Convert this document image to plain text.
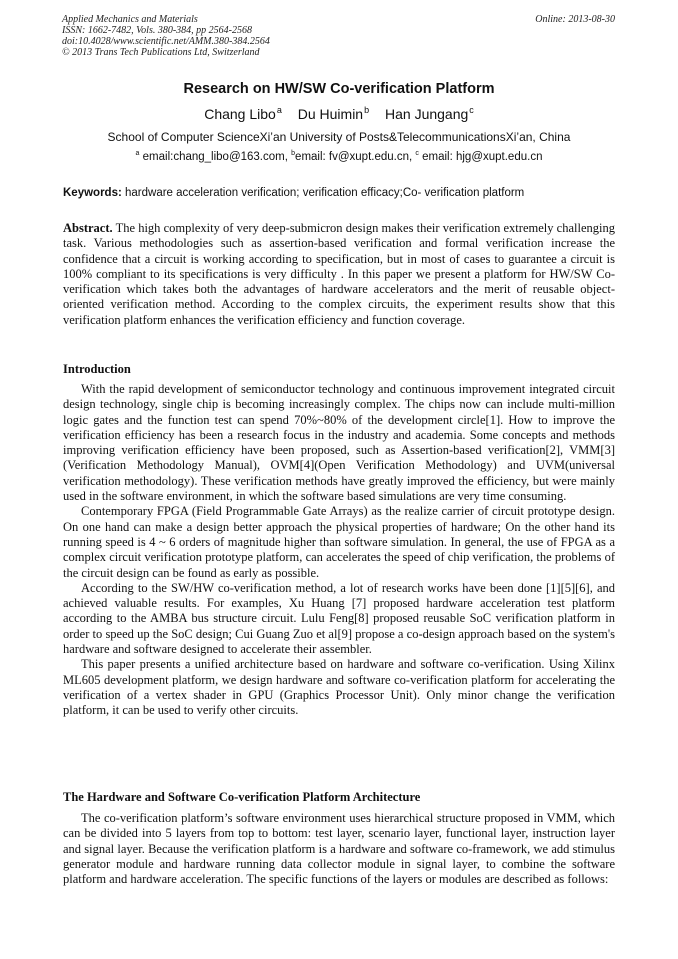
Applied Mechanics and Materials
ISSN: 1662-7482, Vols. 380-384, pp 2564-2568
doi:10.4028/www.scientific.net/AMM.380-384.2564
© 2013 Trans Tech Publications Ltd, Switzerland
Online: 2013-08-30
Research on HW/SW Co-verification Platform
Chang Libo$^a$ Du Huimin$^b$ Han Jungang$^c$
School of Computer ScienceXi’an University of Posts&TelecommunicationsXi’an, China
$^a$ email:chang_libo@163.com, $^b$email: fv@xupt.edu.cn, $^c$ email: hjg@xupt.edu.cn
Keywords: hardware acceleration verification; verification efficacy;Co- verification platform

Abstract. The high complexity of very deep-submicron design makes their verification extremely challenging task. Various methodologies such as assertion-based verification and formal verification increase the confidence that a circuit is working according to specification, but in most of cases to guarantee a circuit is 100% compliant to its specifications is very difficulty . In this paper we present a platform for HW/SW Co-verification which takes both the advantages of hardware accelerators and the merit of reusable object-oriented verification method. According to the complex circuits, the experiment results show that this verification platform enhances the verification efficiency and function coverage.

Introduction

With the rapid development of semiconductor technology and continuous improvement integrated circuit design technology, single chip is becoming increasingly complex. The chips now can include multi-million logic gates and the function test can spend 70%~80% of the development circle[1]. How to improve the verification efficiency has been a research focus in the industry and academia. Some concepts and methods improving verification efficiency have been proposed, such as Assertion-based verification[2], VMM[3](Verification Methodology Manual), OVM[4](Open Verification Methodology) and UVM(universal verification methodology). These verification methods have greatly improved the efficiency, but were mainly used in the software environment, in which the software based simulations are very time consuming.

Contemporary FPGA (Field Programmable Gate Arrays) as the realize carrier of circuit prototype design. On one hand can make a design better approach the physical properties of hardware; On the other hand its running speed is 4 ~ 6 orders of magnitude higher than software simulation. In general, the use of FPGA as a complex circuit verification prototype platform, can accelerates the speed of chip verification, the problems of the circuit design can be found as early as possible.

According to the SW/HW co-verification method, a lot of research works have been done [1][5][6], and achieved valuable results. For examples, Xu Huang [7] proposed hardware acceleration test platform according to the AMBA bus structure circuit. Lulu Feng[8] proposed reusable SoC verification platform in order to speed up the SoC design; Cui Guang Zuo et al[9] propose a co-design approach based on the system's hardware and software designed to accelerate their assembler.

This paper presents a unified architecture based on hardware and software co-verification. Using Xilinx ML605 development platform, we design hardware and software co-verification platform for accelerating the verification of a vertex shader in GPU (Graphics Processor Unit). Only minor change the verification platform, it can be used to verify other circuits.

The Hardware and Software Co-verification Platform Architecture

The co-verification platform’s software environment uses hierarchical structure proposed in VMM, which can be divided into 5 layers from top to bottom: test layer, scenario layer, functional layer, instruction layer and signal layer. Because the verification platform is a hardware and software co-framework, we add stimulus generator module and hardware running data collector module in signal layer, to combine the software platform and hardware acceleration. The specific functions of the layers or modules are described as follows:
